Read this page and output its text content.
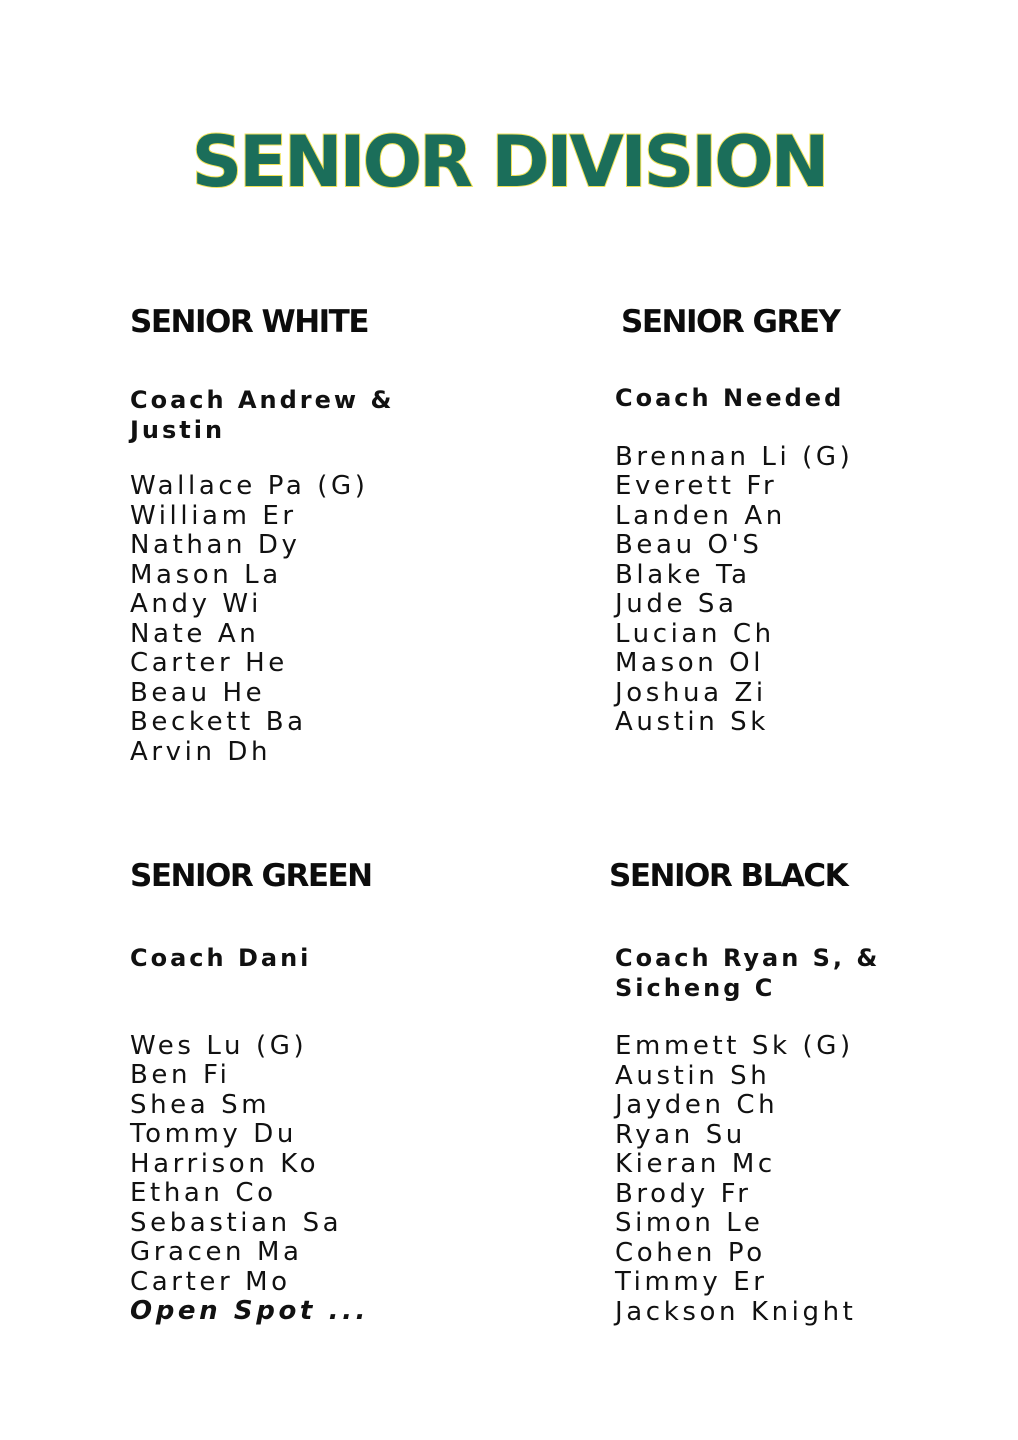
SENIOR DIVISION
SENIOR WHITE

Coach Andrew &

Justin

Wallace Pa (G)
William Er
Nathan Dy
Mason La
Andy Wi
Nate An
Carter He
Beau He
Beckett Ba
Arvin Dh
SENIOR GREY

Coach Needed

Brennan Li (G)
Everett Fr
Landen An
Beau O'S
Blake Ta
Jude Sa
Lucian Ch
Mason Ol
Joshua Zi
Austin Sk
SENIOR GREEN

Coach Dani

Wes Lu (G)
Ben Fi
Shea Sm
Tommy Du
Harrison Ko
Ethan Co
Sebastian Sa
Gracen Ma
Carter Mo
Open Spot ...
SENIOR BLACK

Coach Ryan S, &

Sicheng C

Emmett Sk (G)
Austin Sh
Jayden Ch
Ryan Su
Kieran Mc
Brody Fr
Simon Le
Cohen Po
Timmy Er
Jackson Knight
